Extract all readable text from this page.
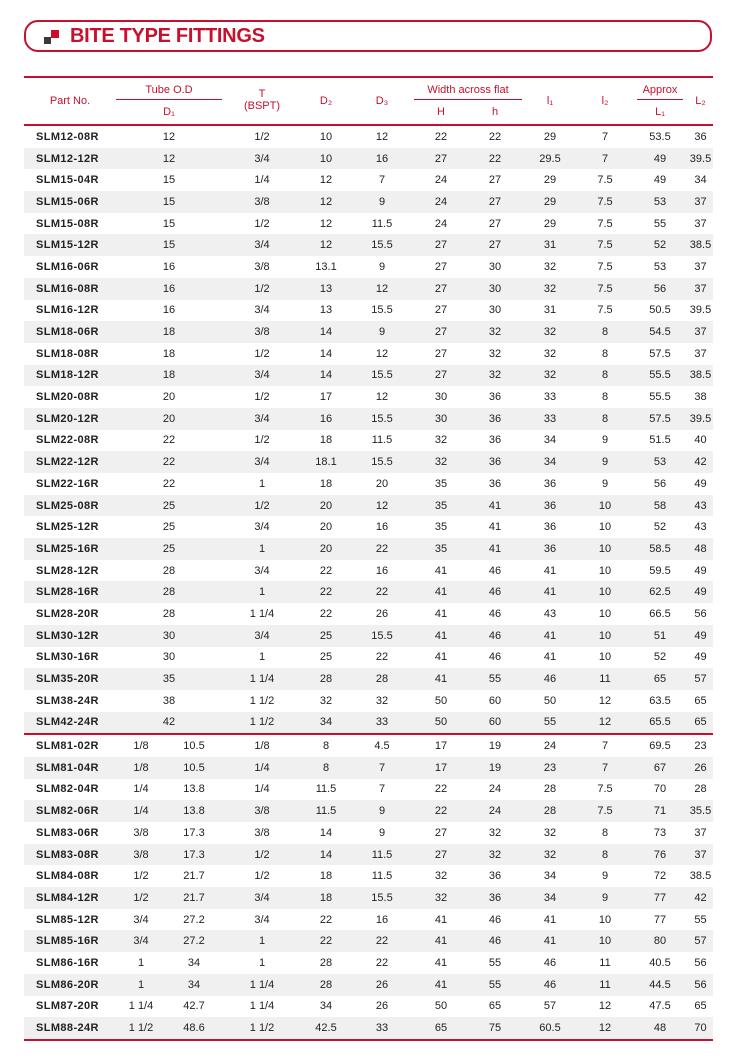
BITE TYPE FITTINGS
Part No.	Tube O.D		T	D₂	D₃	Width across flat		l₁	l₂	Approx	L₂
	D₁		(BSPT)			H	h			L₁	
SLM12-08R	12		1/2	10	12	22	22	29	7	53.5	36
SLM12-12R	12		3/4	10	16	27	22	29.5	7	49	39.5
SLM15-04R	15		1/4	12	7	24	27	29	7.5	49	34
SLM15-06R	15		3/8	12	9	24	27	29	7.5	53	37
SLM15-08R	15		1/2	12	11.5	24	27	29	7.5	55	37
SLM15-12R	15		3/4	12	15.5	27	27	31	7.5	52	38.5
SLM16-06R	16		3/8	13.1	9	27	30	32	7.5	53	37
SLM16-08R	16		1/2	13	12	27	30	32	7.5	56	37
SLM16-12R	16		3/4	13	15.5	27	30	31	7.5	50.5	39.5
SLM18-06R	18		3/8	14	9	27	32	32	8	54.5	37
SLM18-08R	18		1/2	14	12	27	32	32	8	57.5	37
SLM18-12R	18		3/4	14	15.5	27	32	32	8	55.5	38.5
SLM20-08R	20		1/2	17	12	30	36	33	8	55.5	38
SLM20-12R	20		3/4	16	15.5	30	36	33	8	57.5	39.5
SLM22-08R	22		1/2	18	11.5	32	36	34	9	51.5	40
SLM22-12R	22		3/4	18.1	15.5	32	36	34	9	53	42
SLM22-16R	22		1	18	20	35	36	36	9	56	49
SLM25-08R	25		1/2	20	12	35	41	36	10	58	43
SLM25-12R	25		3/4	20	16	35	41	36	10	52	43
SLM25-16R	25		1	20	22	35	41	36	10	58.5	48
SLM28-12R	28		3/4	22	16	41	46	41	10	59.5	49
SLM28-16R	28		1	22	22	41	46	41	10	62.5	49
SLM28-20R	28		1 1/4	22	26	41	46	43	10	66.5	56
SLM30-12R	30		3/4	25	15.5	41	46	41	10	51	49
SLM30-16R	30		1	25	22	41	46	41	10	52	49
SLM35-20R	35		1 1/4	28	28	41	55	46	11	65	57
SLM38-24R	38		1 1/2	32	32	50	60	50	12	63.5	65
SLM42-24R	42		1 1/2	34	33	50	60	55	12	65.5	65
SLM81-02R	1/8	10.5	1/8	8	4.5	17	19	24	7	69.5	23
SLM81-04R	1/8	10.5	1/4	8	7	17	19	23	7	67	26
SLM82-04R	1/4	13.8	1/4	11.5	7	22	24	28	7.5	70	28
SLM82-06R	1/4	13.8	3/8	11.5	9	22	24	28	7.5	71	35.5
SLM83-06R	3/8	17.3	3/8	14	9	27	32	32	8	73	37
SLM83-08R	3/8	17.3	1/2	14	11.5	27	32	32	8	76	37
SLM84-08R	1/2	21.7	1/2	18	11.5	32	36	34	9	72	38.5
SLM84-12R	1/2	21.7	3/4	18	15.5	32	36	34	9	77	42
SLM85-12R	3/4	27.2	3/4	22	16	41	46	41	10	77	55
SLM85-16R	3/4	27.2	1	22	22	41	46	41	10	80	57
SLM86-16R	1	34	1	28	22	41	55	46	11	40.5	56
SLM86-20R	1	34	1 1/4	28	26	41	55	46	11	44.5	56
SLM87-20R	1 1/4	42.7	1 1/4	34	26	50	65	57	12	47.5	65
SLM88-24R	1 1/2	48.6	1 1/2	42.5	33	65	75	60.5	12	48	70
